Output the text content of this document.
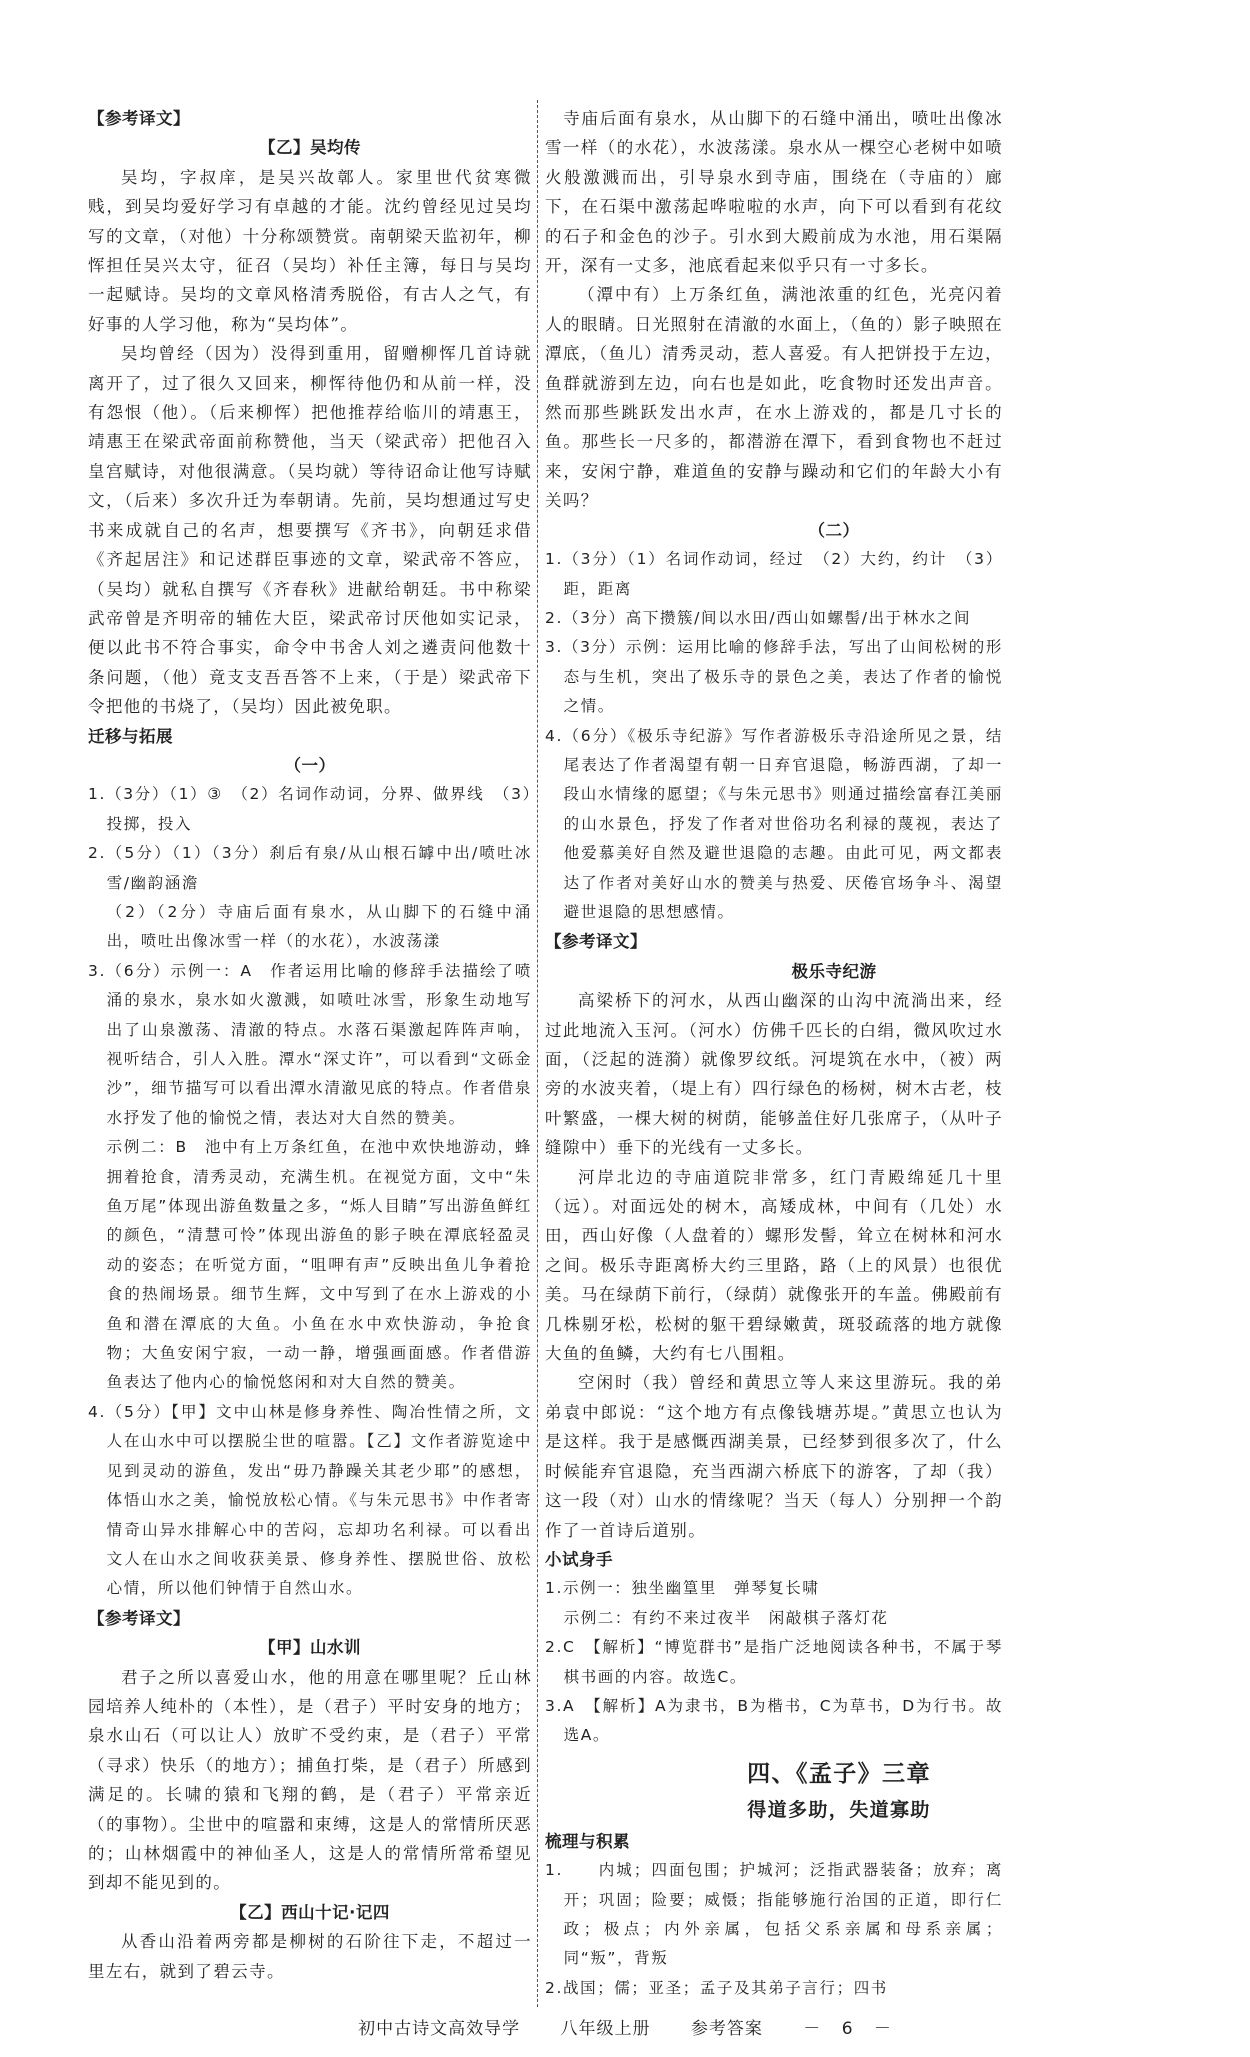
【参考译文】
【乙】吴均传
吴均，字叔庠，是吴兴故鄣人。家里世代贫寒微贱，到吴均爱好学习有卓越的才能。沈约曾经见过吴均写的文章，（对他）十分称颂赞赏。南朝梁天监初年，柳恽担任吴兴太守，征召（吴均）补任主簿，每日与吴均一起赋诗。吴均的文章风格清秀脱俗，有古人之气，有好事的人学习他，称为“吴均体”。
吴均曾经（因为）没得到重用，留赠柳恽几首诗就离开了，过了很久又回来，柳恽待他仍和从前一样，没有怨恨（他）。（后来柳恽）把他推荐给临川的靖惠王，靖惠王在梁武帝面前称赞他，当天（梁武帝）把他召入皇宫赋诗，对他很满意。（吴均就）等待诏命让他写诗赋文，（后来）多次升迁为奉朝请。先前，吴均想通过写史书来成就自己的名声，想要撰写《齐书》，向朝廷求借《齐起居注》和记述群臣事迹的文章，梁武帝不答应，（吴均）就私自撰写《齐春秋》进献给朝廷。书中称梁武帝曾是齐明帝的辅佐大臣，梁武帝讨厌他如实记录，便以此书不符合事实，命令中书舍人刘之遴责问他数十条问题，（他）竟支支吾吾答不上来，（于是）梁武帝下令把他的书烧了，（吴均）因此被免职。
迁移与拓展
（一）
1.（3分）（1）③　（2）名词作动词，分界、做界线　（3）投掷，投入
2.（5分）（1）（3分）刹后有泉/从山根石罅中出/喷吐冰雪/幽韵涵澹
（2）（2分）寺庙后面有泉水，从山脚下的石缝中涌出，喷吐出像冰雪一样（的水花），水波荡漾
3.（6分）示例一：A　作者运用比喻的修辞手法描绘了喷涌的泉水，泉水如火激溅，如喷吐冰雪，形象生动地写出了山泉激荡、清澈的特点。水落石渠激起阵阵声响，视听结合，引人入胜。潭水“深丈许”，可以看到“文砾金沙”，细节描写可以看出潭水清澈见底的特点。作者借泉水抒发了他的愉悦之情，表达对大自然的赞美。
示例二：B　池中有上万条红鱼，在池中欢快地游动，蜂拥着抢食，清秀灵动，充满生机。在视觉方面，文中“朱鱼万尾”体现出游鱼数量之多，“烁人目睛”写出游鱼鲜红的颜色，“清慧可怜”体现出游鱼的影子映在潭底轻盈灵动的姿态；在听觉方面，“咀呷有声”反映出鱼儿争着抢食的热闹场景。细节生辉，文中写到了在水上游戏的小鱼和潜在潭底的大鱼。小鱼在水中欢快游动，争抢食物；大鱼安闲宁寂，一动一静，增强画面感。作者借游鱼表达了他内心的愉悦悠闲和对大自然的赞美。
4.（5分）【甲】文中山林是修身养性、陶冶性情之所，文人在山水中可以摆脱尘世的喧嚣。【乙】文作者游览途中见到灵动的游鱼，发出“毋乃静躁关其老少耶”的感想，体悟山水之美，愉悦放松心情。《与朱元思书》中作者寄情奇山异水排解心中的苦闷，忘却功名利禄。可以看出文人在山水之间收获美景、修身养性、摆脱世俗、放松心情，所以他们钟情于自然山水。
【参考译文】
【甲】山水训
君子之所以喜爱山水，他的用意在哪里呢？丘山林园培养人纯朴的（本性），是（君子）平时安身的地方；泉水山石（可以让人）放旷不受约束，是（君子）平常（寻求）快乐（的地方）；捕鱼打柴，是（君子）所感到满足的。长啸的猿和飞翔的鹤，是（君子）平常亲近（的事物）。尘世中的喧嚣和束缚，这是人的常情所厌恶的；山林烟霞中的神仙圣人，这是人的常情所常希望见到却不能见到的。
【乙】西山十记·记四
从香山沿着两旁都是柳树的石阶往下走，不超过一里左右，就到了碧云寺。
寺庙后面有泉水，从山脚下的石缝中涌出，喷吐出像冰雪一样（的水花），水波荡漾。泉水从一棵空心老树中如喷火般激溅而出，引导泉水到寺庙，围绕在（寺庙的）廊下，在石渠中激荡起哗啦啦的水声，向下可以看到有花纹的石子和金色的沙子。引水到大殿前成为水池，用石渠隔开，深有一丈多，池底看起来似乎只有一寸多长。
（潭中有）上万条红鱼，满池浓重的红色，光亮闪着人的眼睛。日光照射在清澈的水面上，（鱼的）影子映照在潭底，（鱼儿）清秀灵动，惹人喜爱。有人把饼投于左边，鱼群就游到左边，向右也是如此，吃食物时还发出声音。然而那些跳跃发出水声，在水上游戏的，都是几寸长的鱼。那些长一尺多的，都潜游在潭下，看到食物也不赶过来，安闲宁静，难道鱼的安静与躁动和它们的年龄大小有关吗？
（二）
1.（3分）（1）名词作动词，经过　（2）大约，约计　（3）距，距离
2.（3分）高下攒簇/间以水田/西山如螺髻/出于林水之间
3.（3分）示例：运用比喻的修辞手法，写出了山间松树的形态与生机，突出了极乐寺的景色之美，表达了作者的愉悦之情。
4.（6分）《极乐寺纪游》写作者游极乐寺沿途所见之景，结尾表达了作者渴望有朝一日弃官退隐，畅游西湖，了却一段山水情缘的愿望；《与朱元思书》则通过描绘富春江美丽的山水景色，抒发了作者对世俗功名利禄的蔑视，表达了他爱慕美好自然及避世退隐的志趣。由此可见，两文都表达了作者对美好山水的赞美与热爱、厌倦官场争斗、渴望避世退隐的思想感情。
【参考译文】
极乐寺纪游
高梁桥下的河水，从西山幽深的山沟中流淌出来，经过此地流入玉河。（河水）仿佛千匹长的白绢，微风吹过水面，（泛起的涟漪）就像罗纹纸。河堤筑在水中，（被）两旁的水波夹着，（堤上有）四行绿色的杨树，树木古老，枝叶繁盛，一棵大树的树荫，能够盖住好几张席子，（从叶子缝隙中）垂下的光线有一丈多长。
河岸北边的寺庙道院非常多，红门青殿绵延几十里（远）。对面远处的树木，高矮成林，中间有（几处）水田，西山好像（人盘着的）螺形发髻，耸立在树林和河水之间。极乐寺距离桥大约三里路，路（上的风景）也很优美。马在绿荫下前行，（绿荫）就像张开的车盖。佛殿前有几株剔牙松，松树的躯干碧绿嫩黄，斑驳疏落的地方就像大鱼的鱼鳞，大约有七八围粗。
空闲时（我）曾经和黄思立等人来这里游玩。我的弟弟袁中郎说：“这个地方有点像钱塘苏堤。”黄思立也认为是这样。我于是感慨西湖美景，已经梦到很多次了，什么时候能弃官退隐，充当西湖六桥底下的游客，了却（我）这一段（对）山水的情缘呢？当天（每人）分别押一个韵作了一首诗后道别。
小试身手
1.示例一：独坐幽篁里　弹琴复长啸
示例二：有约不来过夜半　闲敲棋子落灯花
2.C　【解析】“博览群书”是指广泛地阅读各种书，不属于琴棋书画的内容。故选C。
3.A　【解析】A为隶书，B为楷书，C为草书，D为行书。故选A。
四、《孟子》三章
得道多助，失道寡助
梳理与积累
1.　　内城；四面包围；护城河；泛指武器装备；放弃；离开；巩固；险要；威慑；指能够施行治国的正道，即行仁政；极点；内外亲属，包括父系亲属和母系亲属；同“叛”，背叛
2.战国；儒；亚圣；孟子及其弟子言行；四书
初中古诗文高效导学 八年级上册 参考答案 － 6 －
